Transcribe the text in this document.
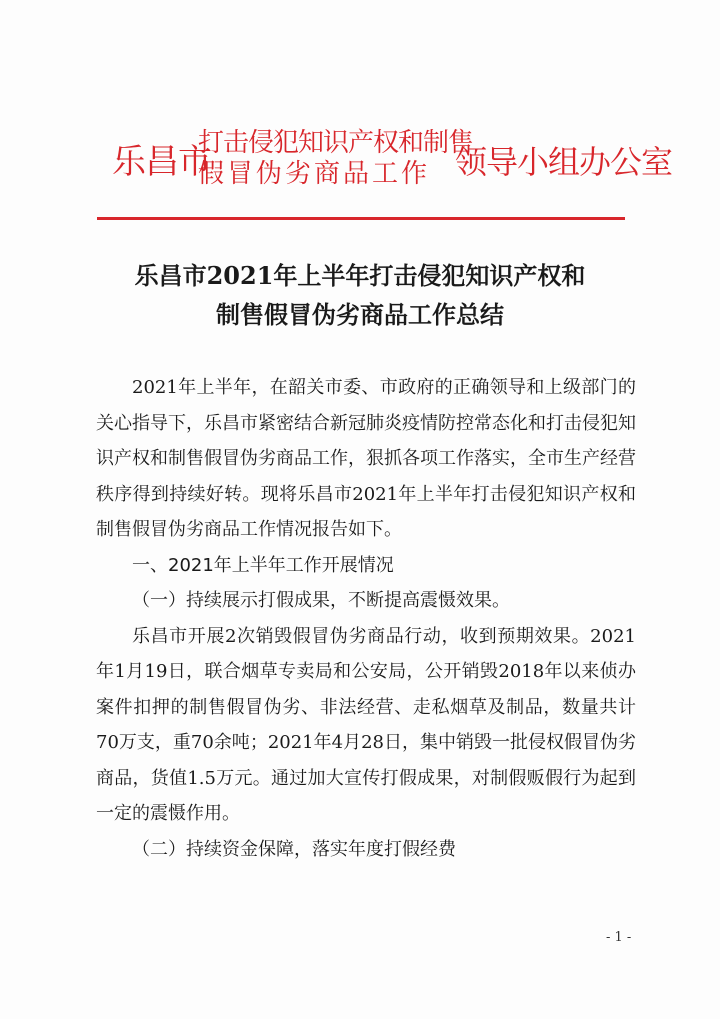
乐昌市
打击侵犯知识产权和制售
假冒伪劣商品工作 领导小组办公室
乐昌市2021年上半年打击侵犯知识产权和
制售假冒伪劣商品工作总结

2021年上半年，在韶关市委、市政府的正确领导和上级部门的关心指导下，乐昌市紧密结合新冠肺炎疫情防控常态化和打击侵犯知识产权和制售假冒伪劣商品工作，狠抓各项工作落实，全市生产经营秩序得到持续好转。现将乐昌市2021年上半年打击侵犯知识产权和制售假冒伪劣商品工作情况报告如下。

一、2021年上半年工作开展情况

（一）持续展示打假成果，不断提高震慑效果。

乐昌市开展2次销毁假冒伪劣商品行动，收到预期效果。2021年1月19日，联合烟草专卖局和公安局，公开销毁2018年以来侦办案件扣押的制售假冒伪劣、非法经营、走私烟草及制品，数量共计70万支，重70余吨；2021年4月28日，集中销毁一批侵权假冒伪劣商品，货值1.5万元。通过加大宣传打假成果，对制假贩假行为起到一定的震慑作用。

（二）持续资金保障，落实年度打假经费

- 1 -
